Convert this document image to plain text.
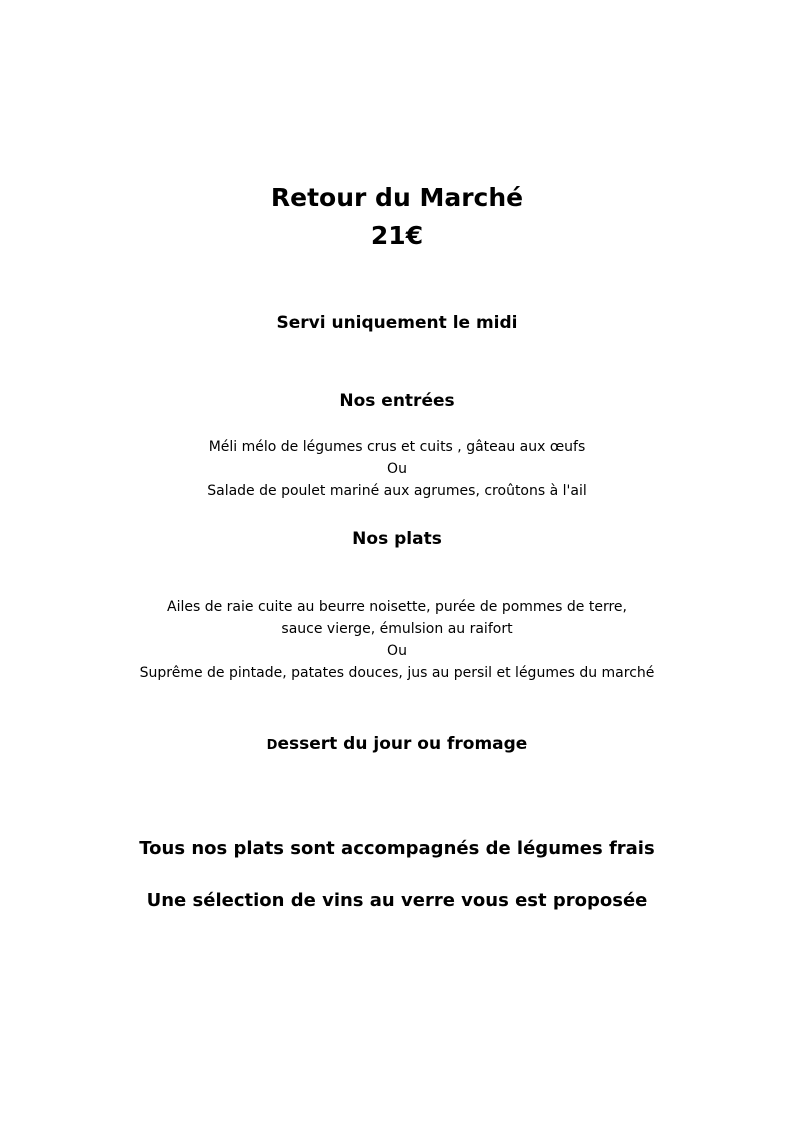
Retour du Marché
21€
Servi uniquement le midi
Nos entrées
Méli mélo de légumes crus et cuits , gâteau aux œufs
Ou
Salade de poulet mariné aux agrumes, croûtons à l'ail
Nos plats
Ailes de raie cuite au beurre noisette, purée de pommes de terre,
sauce vierge, émulsion au raifort
Ou
Suprême de pintade, patates douces, jus au persil et légumes du marché
Dessert du jour ou fromage
Tous nos plats sont accompagnés de légumes frais
Une sélection de vins au verre vous est proposée
